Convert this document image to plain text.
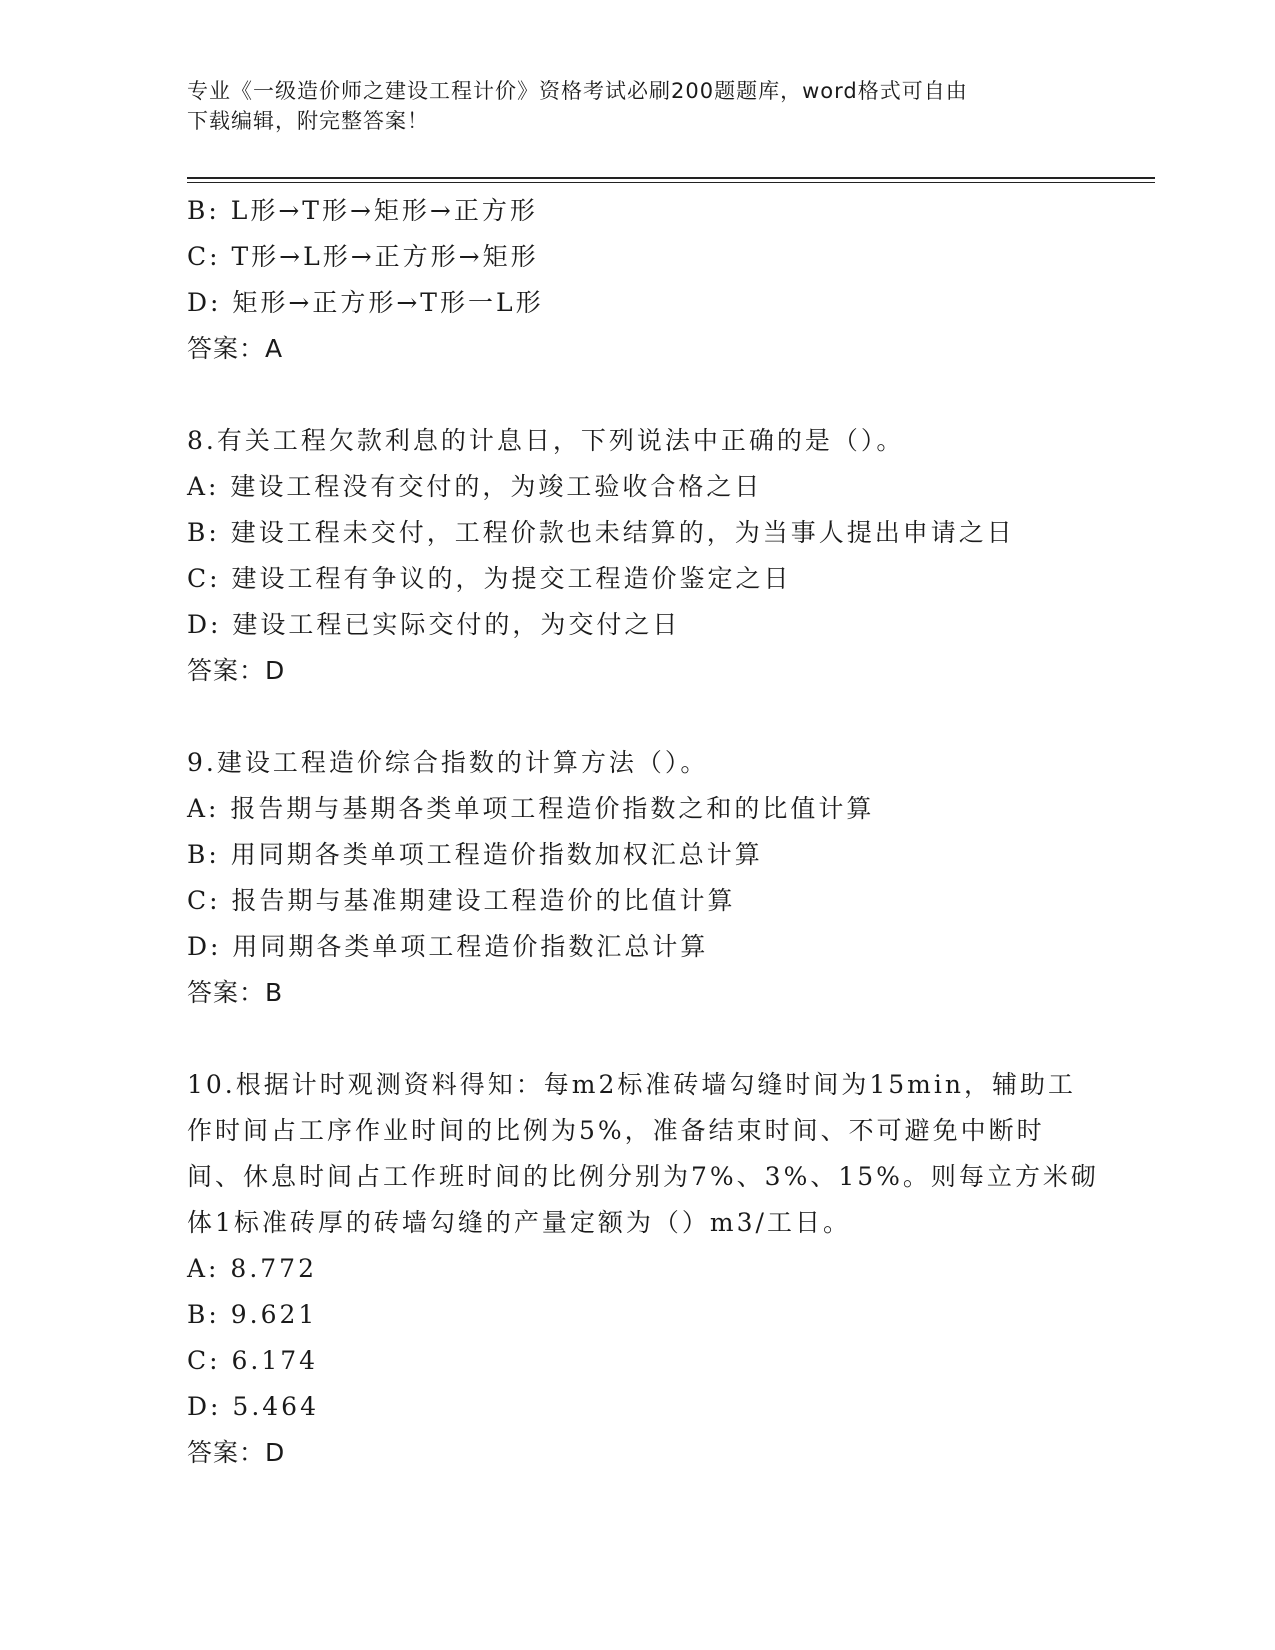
专业《一级造价师之建设工程计价》资格考试必刷200题题库，word格式可自由
下载编辑，附完整答案！
B: L形→T形→矩形→正方形
C: T形→L形→正方形→矩形
D: 矩形→正方形→T形一L形
答案：A
8.有关工程欠款利息的计息日，下列说法中正确的是（）。
A: 建设工程没有交付的，为竣工验收合格之日
B: 建设工程未交付，工程价款也未结算的，为当事人提出申请之日
C: 建设工程有争议的，为提交工程造价鉴定之日
D: 建设工程已实际交付的，为交付之日
答案：D
9.建设工程造价综合指数的计算方法（）。
A: 报告期与基期各类单项工程造价指数之和的比值计算
B: 用同期各类单项工程造价指数加权汇总计算
C: 报告期与基准期建设工程造价的比值计算
D: 用同期各类单项工程造价指数汇总计算
答案：B
10.根据计时观测资料得知：每m2标准砖墙勾缝时间为15min，辅助工
作时间占工序作业时间的比例为5%，准备结束时间、不可避免中断时
间、休息时间占工作班时间的比例分别为7%、3%、15%。则每立方米砌
体1标准砖厚的砖墙勾缝的产量定额为（）m3/工日。
A: 8.772
B: 9.621
C: 6.174
D: 5.464
答案：D
